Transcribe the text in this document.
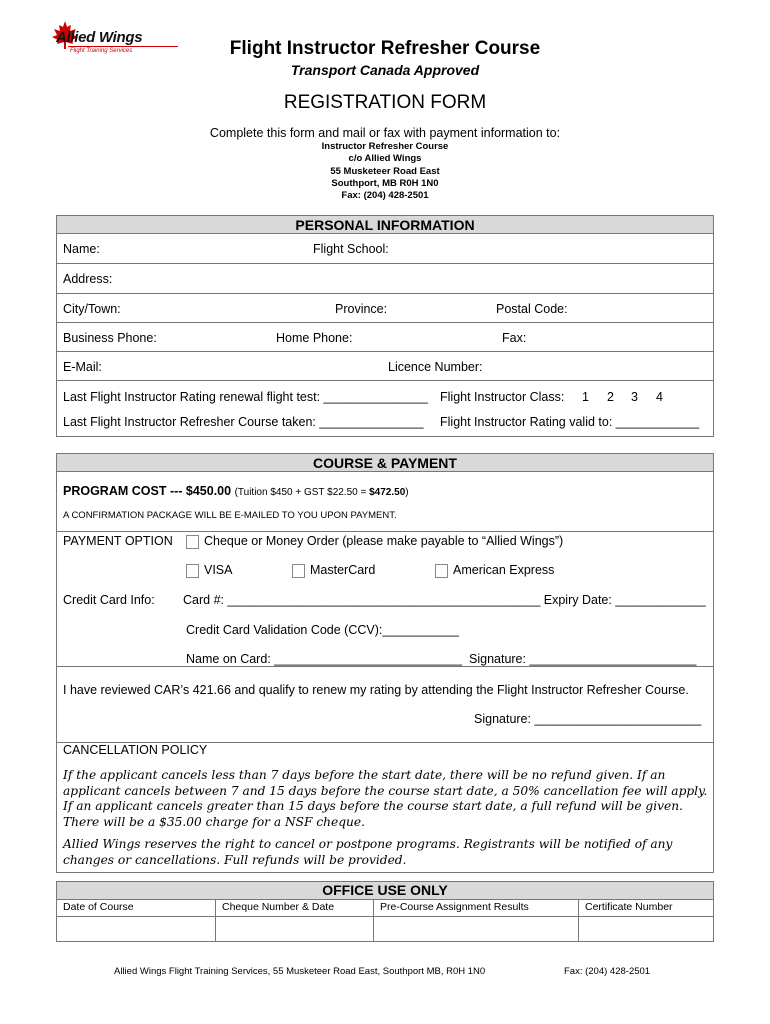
Allied Wings
Flight Training Services	Flight Instructor Refresher Course
Transport Canada Approved
REGISTRATION FORM
Complete this form and mail or fax with payment information to:
Instructor Refresher Course
c/o Allied Wings
55 Musketeer Road East
Southport, MB R0H 1N0
Fax: (204) 428-2501
PERSONAL INFORMATION
Name:	Flight School:
Address:
City/Town:	Province:	Postal Code:
Business Phone:	Home Phone:	Fax:
E-Mail:	Licence Number:
Last Flight Instructor Rating renewal flight test: _______________ Flight Instructor Class: 1 2 3 4
Last Flight Instructor Refresher Course taken: _______________ Flight Instructor Rating valid to: ____________
COURSE & PAYMENT
PROGRAM COST --- $450.00 (Tuition $450 + GST $22.50 = $472.50)
A CONFIRMATION PACKAGE WILL BE E-MAILED TO YOU UPON PAYMENT.
PAYMENT OPTION	Cheque or Money Order (please make payable to “Allied Wings”)
VISA	MasterCard	American Express
Credit Card Info: Card #: _____________________________________________ Expiry Date: _____________
Credit Card Validation Code (CCV):___________
Name on Card: ___________________________ Signature: ________________________
I have reviewed CAR’s 421.66 and qualify to renew my rating by attending the Flight Instructor Refresher Course.
Signature: ________________________
CANCELLATION POLICY
If the applicant cancels less than 7 days before the start date, there will be no refund given. If an applicant cancels between 7 and 15 days before the course start date, a 50% cancellation fee will apply. If an applicant cancels greater than 15 days before the course start date, a full refund will be given. There will be a $35.00 charge for a NSF cheque.
Allied Wings reserves the right to cancel or postpone programs. Registrants will be notified of any changes or cancellations. Full refunds will be provided.
OFFICE USE ONLY
Date of Course	Cheque Number & Date	Pre-Course Assignment Results	Certificate Number

Allied Wings Flight Training Services, 55 Musketeer Road East, Southport MB, R0H 1N0	Fax: (204) 428-2501
